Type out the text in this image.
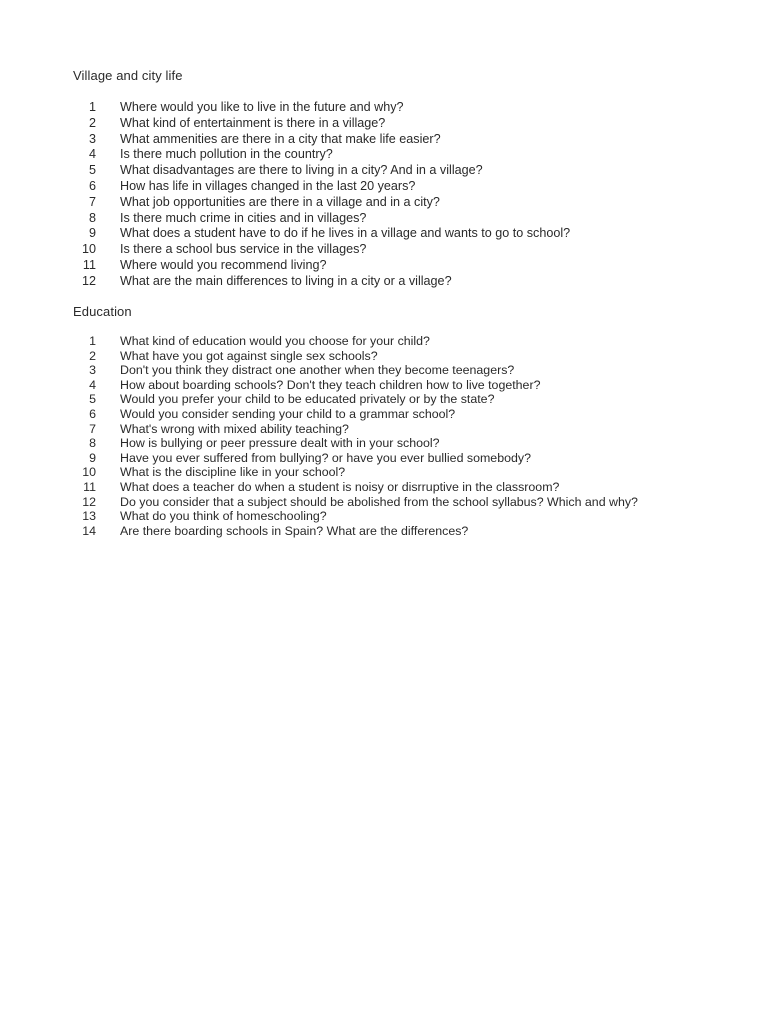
Village and city life
1 Where would you like to live in the future and why?
2 What kind of entertainment is there in a village?
3 What ammenities are there in a city that make life easier?
4 Is there much pollution in the country?
5 What disadvantages are there to living in a city? And in a village?
6 How has life in villages changed in the last 20 years?
7 What job opportunities are there in a village and in a city?
8 Is there much crime in cities and in villages?
9 What does a student have to do if he lives in a village and wants to go to school?
10 Is there a school bus service in the villages?
11 Where would you recommend living?
12 What are the main differences to living in a city or a village?
Education
1 What kind of education would you choose for your child?
2 What have you got against single sex schools?
3 Don't you think they distract one another when they become teenagers?
4 How about boarding schools? Don't they teach children how to live together?
5 Would you prefer your child to be educated privately or by the state?
6 Would you consider sending your child to a grammar school?
7 What's wrong with mixed ability teaching?
8 How is bullying or peer pressure dealt with in your school?
9 Have you ever suffered from bullying? or have you ever bullied somebody?
10 What is the discipline like in your school?
11 What does a teacher do when a student is noisy or disrruptive in the classroom?
12 Do you consider that a subject should be abolished from the school syllabus? Which and why?
13 What do you think of homeschooling?
14 Are there boarding schools in Spain? What are the differences?
